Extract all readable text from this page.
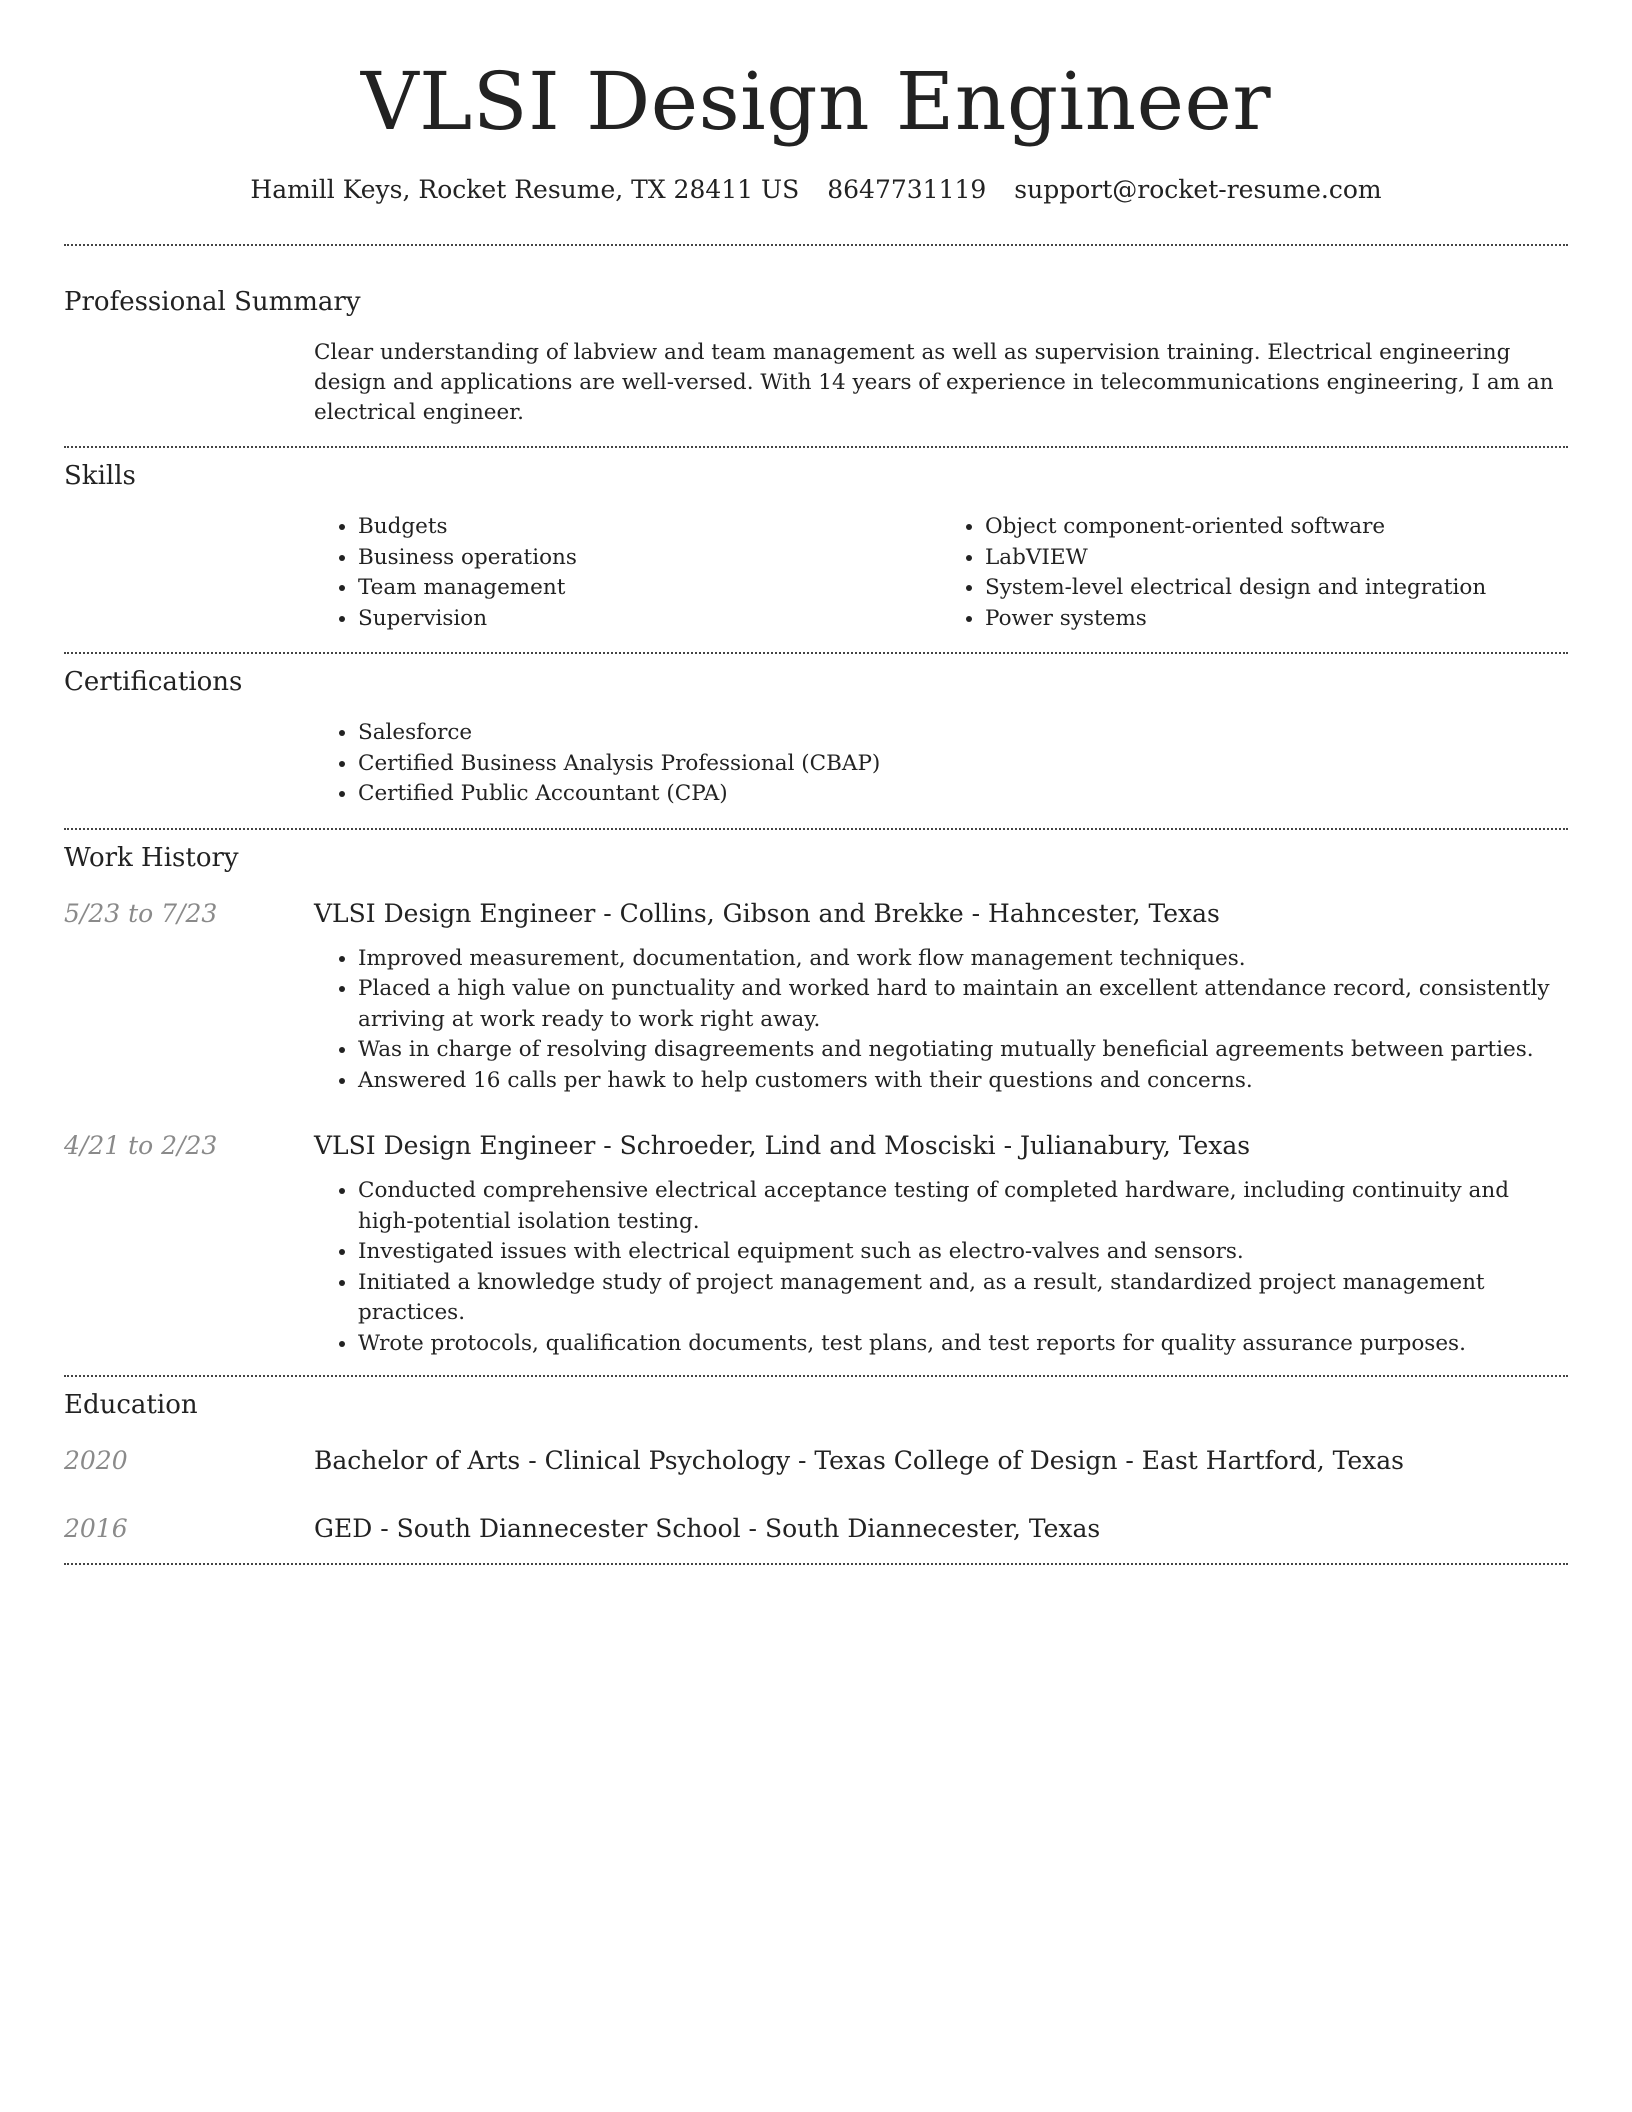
VLSI Design Engineer
Hamill Keys, Rocket Resume, TX 28411 US 8647731119 support@rocket-resume.com
Professional Summary

Clear understanding of labview and team management as well as supervision training. Electrical engineering design and applications are well-versed. With 14 years of experience in telecommunications engineering, I am an electrical engineer.

Skills
• Budgets
• Business operations
• Team management
• Supervision
• Object component-oriented software
• LabVIEW
• System-level electrical design and integration
• Power systems
Certifications
• Salesforce
• Certified Business Analysis Professional (CBAP)
• Certified Public Accountant (CPA)
Work History
5/23 to 7/23	VLSI Design Engineer - Collins, Gibson and Brekke - Hahncester, Texas
• Improved measurement, documentation, and work flow management techniques.
• Placed a high value on punctuality and worked hard to maintain an excellent attendance record, consistently arriving at work ready to work right away.
• Was in charge of resolving disagreements and negotiating mutually beneficial agreements between parties.
• Answered 16 calls per hawk to help customers with their questions and concerns.
4/21 to 2/23	VLSI Design Engineer - Schroeder, Lind and Mosciski - Julianabury, Texas
• Conducted comprehensive electrical acceptance testing of completed hardware, including continuity and high-potential isolation testing.
• Investigated issues with electrical equipment such as electro-valves and sensors.
• Initiated a knowledge study of project management and, as a result, standardized project management practices.
• Wrote protocols, qualification documents, test plans, and test reports for quality assurance purposes.
Education
2020	Bachelor of Arts - Clinical Psychology - Texas College of Design - East Hartford, Texas
2016	GED - South Diannecester School - South Diannecester, Texas
